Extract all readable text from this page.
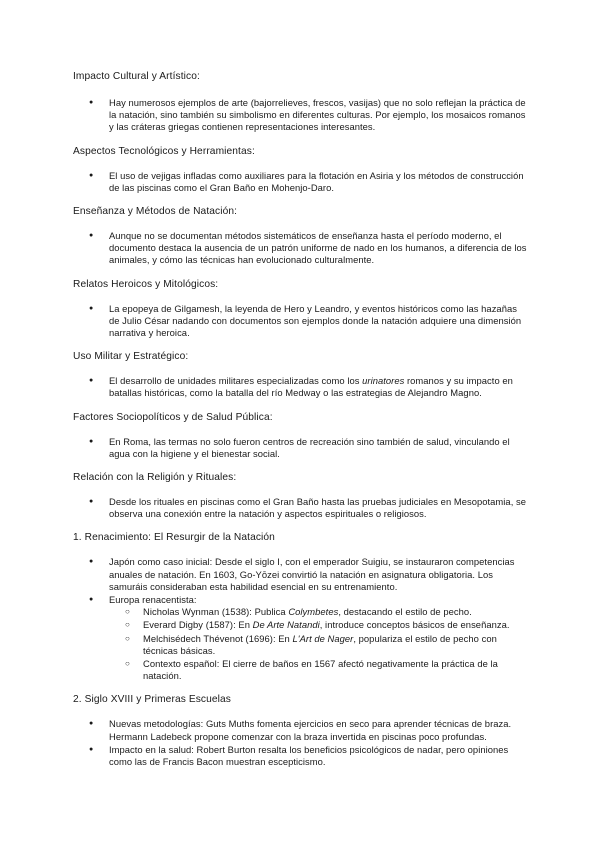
Impacto Cultural y Artístico:
● Hay numerosos ejemplos de arte (bajorrelieves, frescos, vasijas) que no solo reflejan la práctica de la natación, sino también su simbolismo en diferentes culturas. Por ejemplo, los mosaicos romanos y las cráteras griegas contienen representaciones interesantes.
Aspectos Tecnológicos y Herramientas:
● El uso de vejigas infladas como auxiliares para la flotación en Asiria y los métodos de construcción de las piscinas como el Gran Baño en Mohenjo-Daro.
Enseñanza y Métodos de Natación:
● Aunque no se documentan métodos sistemáticos de enseñanza hasta el período moderno, el documento destaca la ausencia de un patrón uniforme de nado en los humanos, a diferencia de los animales, y cómo las técnicas han evolucionado culturalmente.
Relatos Heroicos y Mitológicos:
● La epopeya de Gilgamesh, la leyenda de Hero y Leandro, y eventos históricos como las hazañas de Julio César nadando con documentos son ejemplos donde la natación adquiere una dimensión narrativa y heroica.
Uso Militar y Estratégico:
● El desarrollo de unidades militares especializadas como los urinatores romanos y su impacto en batallas históricas, como la batalla del río Medway o las estrategias de Alejandro Magno.
Factores Sociopolíticos y de Salud Pública:
● En Roma, las termas no solo fueron centros de recreación sino también de salud, vinculando el agua con la higiene y el bienestar social.
Relación con la Religión y Rituales:
● Desde los rituales en piscinas como el Gran Baño hasta las pruebas judiciales en Mesopotamia, se observa una conexión entre la natación y aspectos espirituales o religiosos.
1. Renacimiento: El Resurgir de la Natación
● Japón como caso inicial: Desde el siglo I, con el emperador Suigiu, se instauraron competencias anuales de natación. En 1603, Go-Yōzei convirtió la natación en asignatura obligatoria. Los samuráis consideraban esta habilidad esencial en su entrenamiento.
● Europa renacentista:
○ Nicholas Wynman (1538): Publica Colymbetes, destacando el estilo de pecho.
○ Everard Digby (1587): En De Arte Natandi, introduce conceptos básicos de enseñanza.
○ Melchisédech Thévenot (1696): En L'Art de Nager, populariza el estilo de pecho con técnicas básicas.
○ Contexto español: El cierre de baños en 1567 afectó negativamente la práctica de la natación.
2. Siglo XVIII y Primeras Escuelas
● Nuevas metodologías: Guts Muths fomenta ejercicios en seco para aprender técnicas de braza. Hermann Ladebeck propone comenzar con la braza invertida en piscinas poco profundas.
● Impacto en la salud: Robert Burton resalta los beneficios psicológicos de nadar, pero opiniones como las de Francis Bacon muestran escepticismo.
